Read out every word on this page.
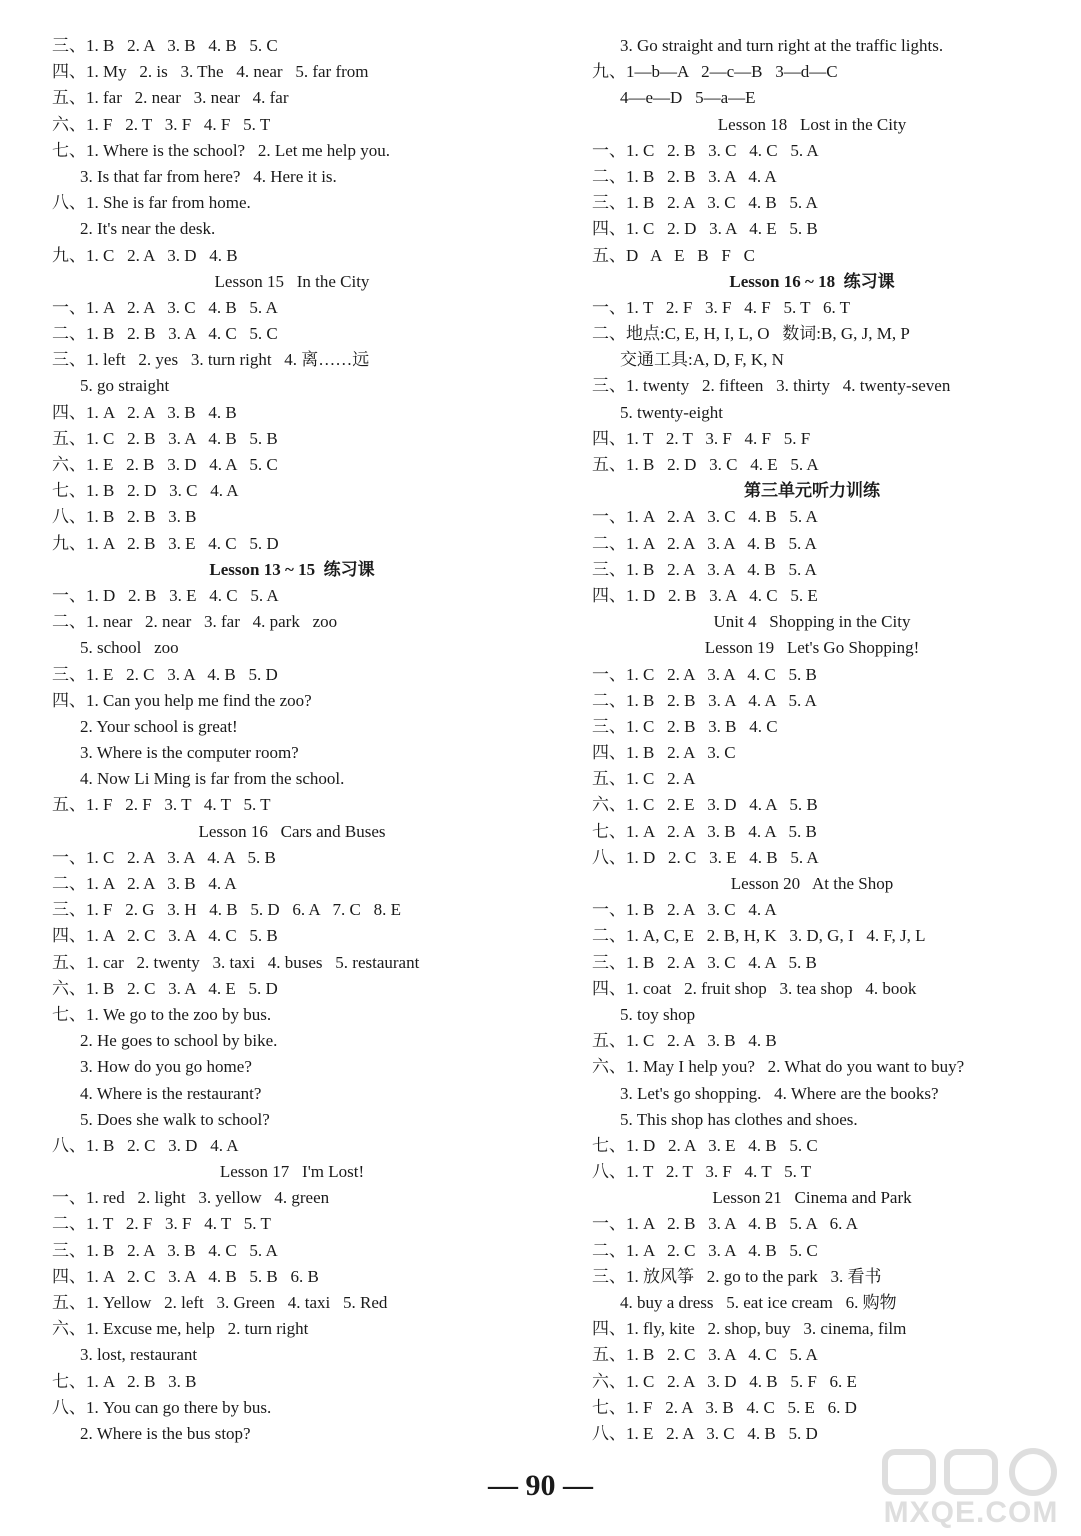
三、1. B   2. A   3. B   4. B   5. C
四、1. My   2. is   3. The   4. near   5. far from
五、1. far   2. near   3. near   4. far
六、1. F   2. T   3. F   4. F   5. T
七、1. Where is the school?   2. Let me help you.
3. Is that far from here?   4. Here it is.
八、1. She is far from home.
2. It's near the desk.
九、1. C   2. A   3. D   4. B
Lesson 15   In the City
一、1. A   2. A   3. C   4. B   5. A
二、1. B   2. B   3. A   4. C   5. C
三、1. left   2. yes   3. turn right   4. 离……远
5. go straight
四、1. A   2. A   3. B   4. B
五、1. C   2. B   3. A   4. B   5. B
六、1. E   2. B   3. D   4. A   5. C
七、1. B   2. D   3. C   4. A
八、1. B   2. B   3. B
九、1. A   2. B   3. E   4. C   5. D
Lesson 13 ~ 15  练习课
一、1. D   2. B   3. E   4. C   5. A
二、1. near   2. near   3. far   4. park   zoo
5. school   zoo
三、1. E   2. C   3. A   4. B   5. D
四、1. Can you help me find the zoo?
2. Your school is great!
3. Where is the computer room?
4. Now Li Ming is far from the school.
五、1. F   2. F   3. T   4. T   5. T
Lesson 16   Cars and Buses
一、1. C   2. A   3. A   4. A   5. B
二、1. A   2. A   3. B   4. A
三、1. F   2. G   3. H   4. B   5. D   6. A   7. C   8. E
四、1. A   2. C   3. A   4. C   5. B
五、1. car   2. twenty   3. taxi   4. buses   5. restaurant
六、1. B   2. C   3. A   4. E   5. D
七、1. We go to the zoo by bus.
2. He goes to school by bike.
3. How do you go home?
4. Where is the restaurant?
5. Does she walk to school?
八、1. B   2. C   3. D   4. A
Lesson 17   I'm Lost!
一、1. red   2. light   3. yellow   4. green
二、1. T   2. F   3. F   4. T   5. T
三、1. B   2. A   3. B   4. C   5. A
四、1. A   2. C   3. A   4. B   5. B   6. B
五、1. Yellow   2. left   3. Green   4. taxi   5. Red
六、1. Excuse me, help   2. turn right
3. lost, restaurant
七、1. A   2. B   3. B
八、1. You can go there by bus.
2. Where is the bus stop?
3. Go straight and turn right at the traffic lights.
九、1—b—A   2—c—B   3—d—C
4—e—D   5—a—E
Lesson 18   Lost in the City
一、1. C   2. B   3. C   4. C   5. A
二、1. B   2. B   3. A   4. A
三、1. B   2. A   3. C   4. B   5. A
四、1. C   2. D   3. A   4. E   5. B
五、D   A   E   B   F   C
Lesson 16 ~ 18  练习课
一、1. T   2. F   3. F   4. F   5. T   6. T
二、地点:C, E, H, I, L, O   数词:B, G, J, M, P
交通工具:A, D, F, K, N
三、1. twenty   2. fifteen   3. thirty   4. twenty-seven
5. twenty-eight
四、1. T   2. T   3. F   4. F   5. F
五、1. B   2. D   3. C   4. E   5. A
第三单元听力训练
一、1. A   2. A   3. C   4. B   5. A
二、1. A   2. A   3. A   4. B   5. A
三、1. B   2. A   3. A   4. B   5. A
四、1. D   2. B   3. A   4. C   5. E
Unit 4   Shopping in the City
Lesson 19   Let's Go Shopping!
一、1. C   2. A   3. A   4. C   5. B
二、1. B   2. B   3. A   4. A   5. A
三、1. C   2. B   3. B   4. C
四、1. B   2. A   3. C
五、1. C   2. A
六、1. C   2. E   3. D   4. A   5. B
七、1. A   2. A   3. B   4. A   5. B
八、1. D   2. C   3. E   4. B   5. A
Lesson 20   At the Shop
一、1. B   2. A   3. C   4. A
二、1. A, C, E   2. B, H, K   3. D, G, I   4. F, J, L
三、1. B   2. A   3. C   4. A   5. B
四、1. coat   2. fruit shop   3. tea shop   4. book
5. toy shop
五、1. C   2. A   3. B   4. B
六、1. May I help you?   2. What do you want to buy?
3. Let's go shopping.   4. Where are the books?
5. This shop has clothes and shoes.
七、1. D   2. A   3. E   4. B   5. C
八、1. T   2. T   3. F   4. T   5. T
Lesson 21   Cinema and Park
一、1. A   2. B   3. A   4. B   5. A   6. A
二、1. A   2. C   3. A   4. B   5. C
三、1. 放风筝   2. go to the park   3. 看书
4. buy a dress   5. eat ice cream   6. 购物
四、1. fly, kite   2. shop, buy   3. cinema, film
五、1. B   2. C   3. A   4. C   5. A
六、1. C   2. A   3. D   4. B   5. F   6. E
七、1. F   2. A   3. B   4. C   5. E   6. D
八、1. E   2. A   3. C   4. B   5. D
— 90 —
MXQE.COM
